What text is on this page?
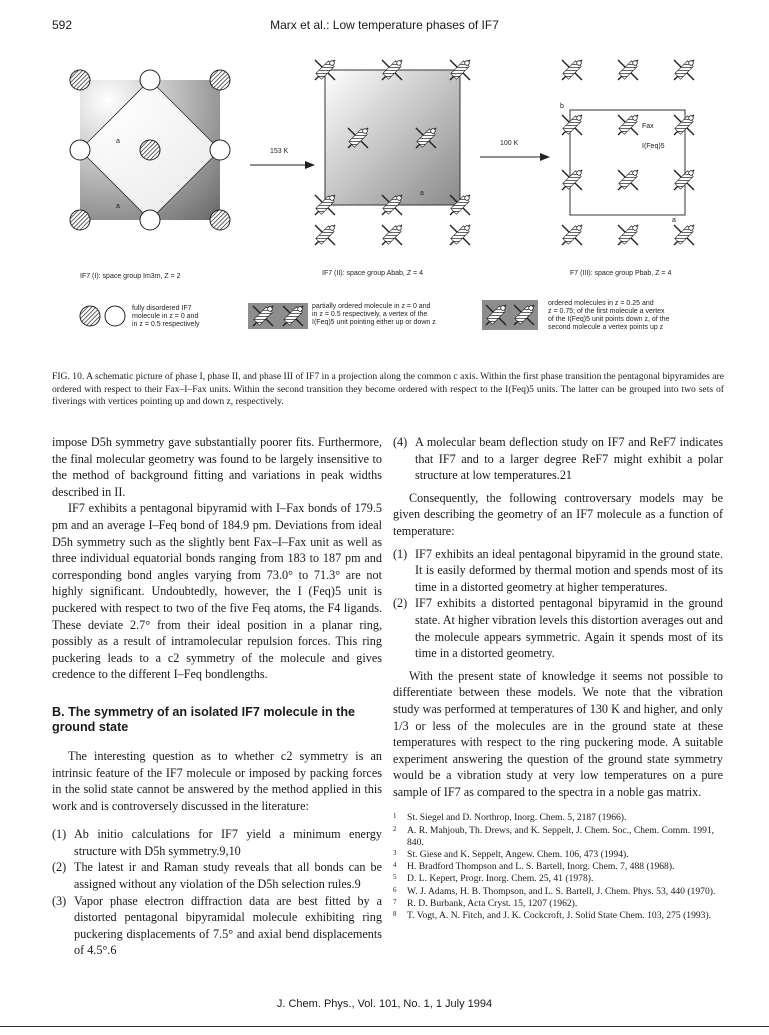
592	Marx et al.: Low temperature phases of IF7
a
a
153 K
a
100 K
b
a
Fax
I(Feq)5
IF7 (I): space group Im3m, Z = 2	IF7 (II): space group Abab, Z = 4	F7 (III): space group Pbab, Z = 4
fully disordered IF7
molecule in z = 0 and
in z = 0.5 respectively
partially ordered molecule in z = 0 and
in z = 0.5 respectively, a vertex of the
I(Feq)5 unit pointing either up or down z
ordered molecules in z = 0.25 and
z = 0.75; of the first molecule a vertex
of the I(Feq)5 unit points down z, of the
second molecule a vertex points up z
FIG. 10. A schematic picture of phase I, phase II, and phase III of IF7 in a projection along the common c axis. Within the first phase transition the pentagonal bipyramides are ordered with respect to their Fax–I–Fax units. Within the second transition they become ordered with respect to the I(Feq)5 units. The latter can be grouped into two sets of fiverings with vertices pointing up and down z, respectively.

impose D5h symmetry gave substantially poorer fits. Furthermore, the final molecular geometry was found to be largely insensitive to the method of background fitting and variations in peak widths described in II.

IF7 exhibits a pentagonal bipyramid with I–Fax bonds of 179.5 pm and an average I–Feq bond of 184.9 pm. Deviations from ideal D5h symmetry such as the slightly bent Fax–I–Fax unit as well as three individual equatorial bonds ranging from 183 to 187 pm and corresponding bond angles varying from 73.0° to 71.3° are not highly significant. Undoubtedly, however, the I (Feq)5 unit is puckered with respect to two of the five Feq atoms, the F4 ligands. These deviate 2.7° from their ideal position in a planar ring, possibly as a result of intramolecular repulsion forces. This ring puckering leads to a c2 symmetry of the molecule and gives credence to the different I–Feq bondlengths.

B. The symmetry of an isolated IF7 molecule in the ground state

The interesting question as to whether c2 symmetry is an intrinsic feature of the IF7 molecule or imposed by packing forces in the solid state cannot be answered by the method applied in this work and is controversely discussed in the literature:

(1) Ab initio calculations for IF7 yield a minimum energy structure with D5h symmetry.9,10
(2) The latest ir and Raman study reveals that all bonds can be assigned without any violation of the D5h selection rules.9
(3) Vapor phase electron diffraction data are best fitted by a distorted pentagonal bipyramidal molecule exhibiting ring puckering displacements of 7.5° and axial bend displacements of 4.5°.6
(4) A molecular beam deflection study on IF7 and ReF7 indicates that IF7 and to a larger degree ReF7 might exhibit a polar structure at low temperatures.21

Consequently, the following controversary models may be given describing the geometry of an IF7 molecule as a function of temperature:

(1) IF7 exhibits an ideal pentagonal bipyramid in the ground state. It is easily deformed by thermal motion and spends most of its time in a distorted geometry at higher temperatures.
(2) IF7 exhibits a distorted pentagonal bipyramid in the ground state. At higher vibration levels this distortion averages out and the molecule appears symmetric. Again it spends most of its time in a distorted geometry.

With the present state of knowledge it seems not possible to differentiate between these models. We note that the vibration study was performed at temperatures of 130 K and higher, and only 1/3 or less of the molecules are in the ground state at these temperatures with respect to the ring puckering mode. A suitable experiment answering the question of the ground state symmetry would be a vibration study at very low temperatures on a pure sample of IF7 as compared to the spectra in a noble gas matrix.

1 St. Siegel and D. Northrop, Inorg. Chem. 5, 2187 (1966).
2 A. R. Mahjoub, Th. Drews, and K. Seppelt, J. Chem. Soc., Chem. Comm. 1991, 840.
3 St. Giese and K. Seppelt, Angew. Chem. 106, 473 (1994).
4 H. Bradford Thompson and L. S. Bartell, Inorg. Chem. 7, 488 (1968).
5 D. L. Kepert, Progr. Inorg. Chem. 25, 41 (1978).
6 W. J. Adams, H. B. Thompson, and L. S. Bartell, J. Chem. Phys. 53, 440 (1970).
7 R. D. Burbank, Acta Cryst. 15, 1207 (1962).
8 T. Vogt, A. N. Fitch, and J. K. Cockcroft, J. Solid State Chem. 103, 275 (1993).
J. Chem. Phys., Vol. 101, No. 1, 1 July 1994
